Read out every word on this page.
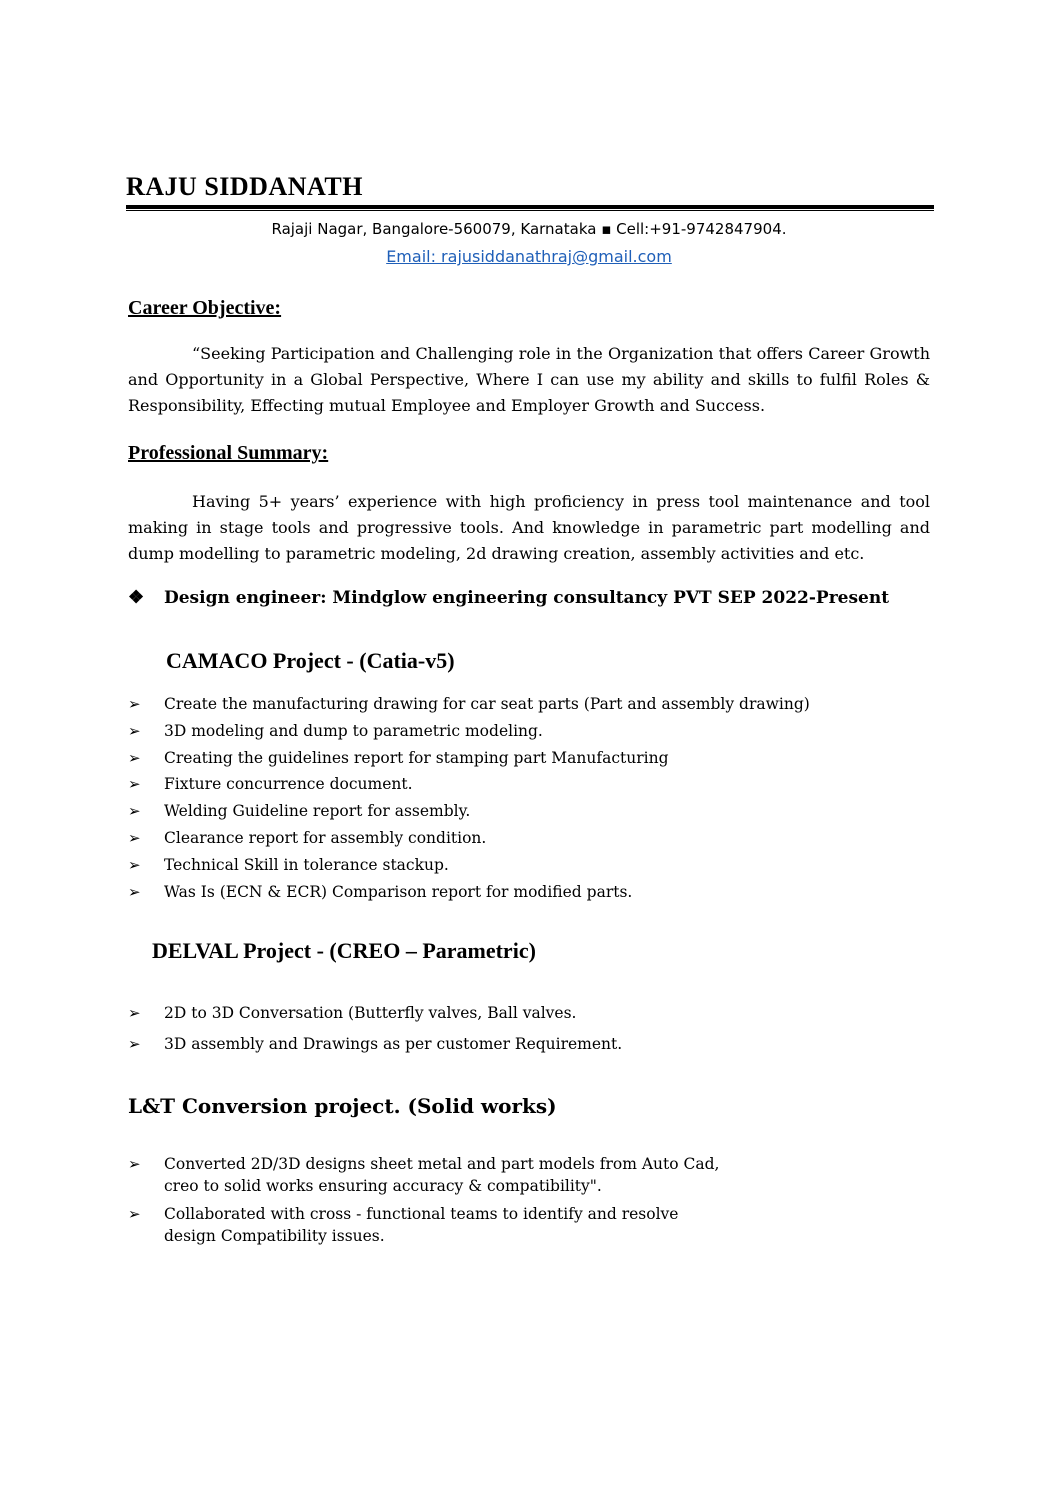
RAJU SIDDANATH
Rajaji Nagar, Bangalore-560079, Karnataka ▪ Cell:+91-9742847904.
Email: rajusiddanathraj@gmail.com
Career Objective:
“Seeking Participation and Challenging role in the Organization that offers Career Growth and Opportunity in a Global Perspective, Where I can use my ability and skills to fulfil Roles & Responsibility, Effecting mutual Employee and Employer Growth and Success.
Professional Summary:
Having 5+ years’ experience with high proficiency in press tool maintenance and tool making in stage tools and progressive tools. And knowledge in parametric part modelling and dump modelling to parametric modeling, 2d drawing creation, assembly activities and etc.
❖ Design engineer: Mindglow engineering consultancy PVT SEP 2022-Present
CAMACO Project - (Catia-v5)
➢ Create the manufacturing drawing for car seat parts (Part and assembly drawing)
➢ 3D modeling and dump to parametric modeling.
➢ Creating the guidelines report for stamping part Manufacturing
➢ Fixture concurrence document.
➢ Welding Guideline report for assembly.
➢ Clearance report for assembly condition.
➢ Technical Skill in tolerance stackup.
➢ Was Is (ECN & ECR) Comparison report for modified parts.
DELVAL Project - (CREO – Parametric)
➢ 2D to 3D Conversation (Butterfly valves, Ball valves.
➢ 3D assembly and Drawings as per customer Requirement.
L&T Conversion project. (Solid works)
➢ Converted 2D/3D designs sheet metal and part models from Auto Cad, creo to solid works ensuring accuracy & compatibility".
➢ Collaborated with cross - functional teams to identify and resolve design Compatibility issues.
